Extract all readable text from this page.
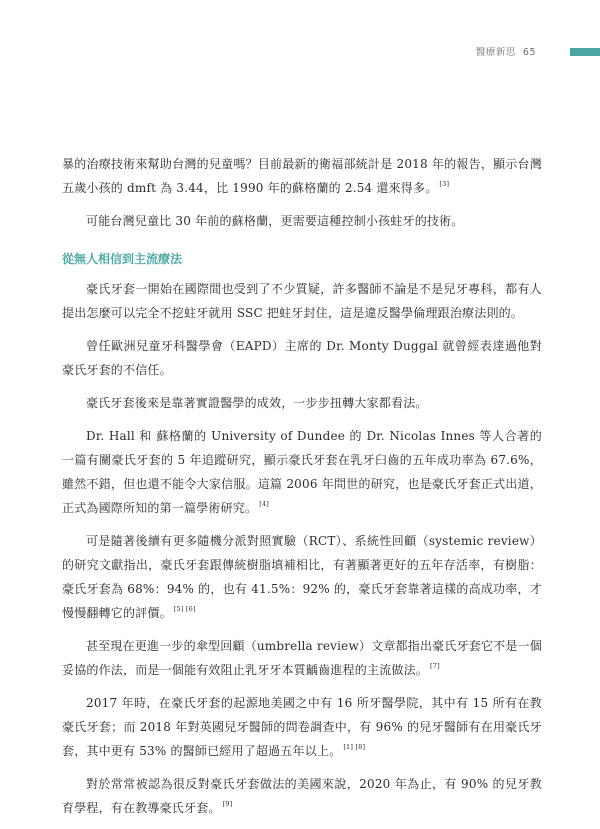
醫療新思 65

暴的治療技術來幫助台灣的兒童嗎？目前最新的衛福部統計是 2018 年的報告，顯示台灣五歲小孩的 dmft 為 3.44，比 1990 年的蘇格蘭的 2.54 還來得多。 [3]

可能台灣兒童比 30 年前的蘇格蘭，更需要這種控制小孩蛀牙的技術。

從無人相信到主流療法

豪氏牙套一開始在國際間也受到了不少質疑，許多醫師不論是不是兒牙專科，都有人提出怎麼可以完全不挖蛀牙就用 SSC 把蛀牙封住，這是違反醫學倫理跟治療法則的。

曾任歐洲兒童牙科醫學會（EAPD）主席的 Dr. Monty Duggal 就曾經表達過他對豪氏牙套的不信任。

豪氏牙套後來是靠著實證醫學的成效，一步步扭轉大家都看法。

Dr. Hall 和 蘇格蘭的 University of Dundee 的 Dr. Nicolas Innes 等人合著的一篇有關豪氏牙套的 5 年追蹤研究，顯示豪氏牙套在乳牙臼齒的五年成功率為 67.6%，雖然不錯，但也還不能令大家信服。這篇 2006 年問世的研究，也是豪氏牙套正式出道，正式為國際所知的第一篇學術研究。 [4]

可是隨著後續有更多隨機分派對照實驗（RCT）、系統性回顧（systemic review）的研究文獻指出，豪氏牙套跟傳統樹脂填補相比，有著顯著更好的五年存活率，有樹脂：豪氏牙套為 68%：94% 的，也有 41.5%：92% 的，豪氏牙套靠著這樣的高成功率，才慢慢翻轉它的評價。 [5] [6]

甚至現在更進一步的傘型回顧（umbrella review）文章都指出豪氏牙套它不是一個妥協的作法，而是一個能有效阻止乳牙牙本質齲齒進程的主流做法。 [7]

2017 年時，在豪氏牙套的起源地美國之中有 16 所牙醫學院，其中有 15 所有在教豪氏牙套；而 2018 年對英國兒牙醫師的問卷調查中，有 96% 的兒牙醫師有在用豪氏牙套，其中更有 53% 的醫師已經用了超過五年以上。 [1] [8]

對於常常被認為很反對豪氏牙套做法的美國來說，2020 年為止，有 90% 的兒牙教育學程，有在教導豪氏牙套。 [9]
